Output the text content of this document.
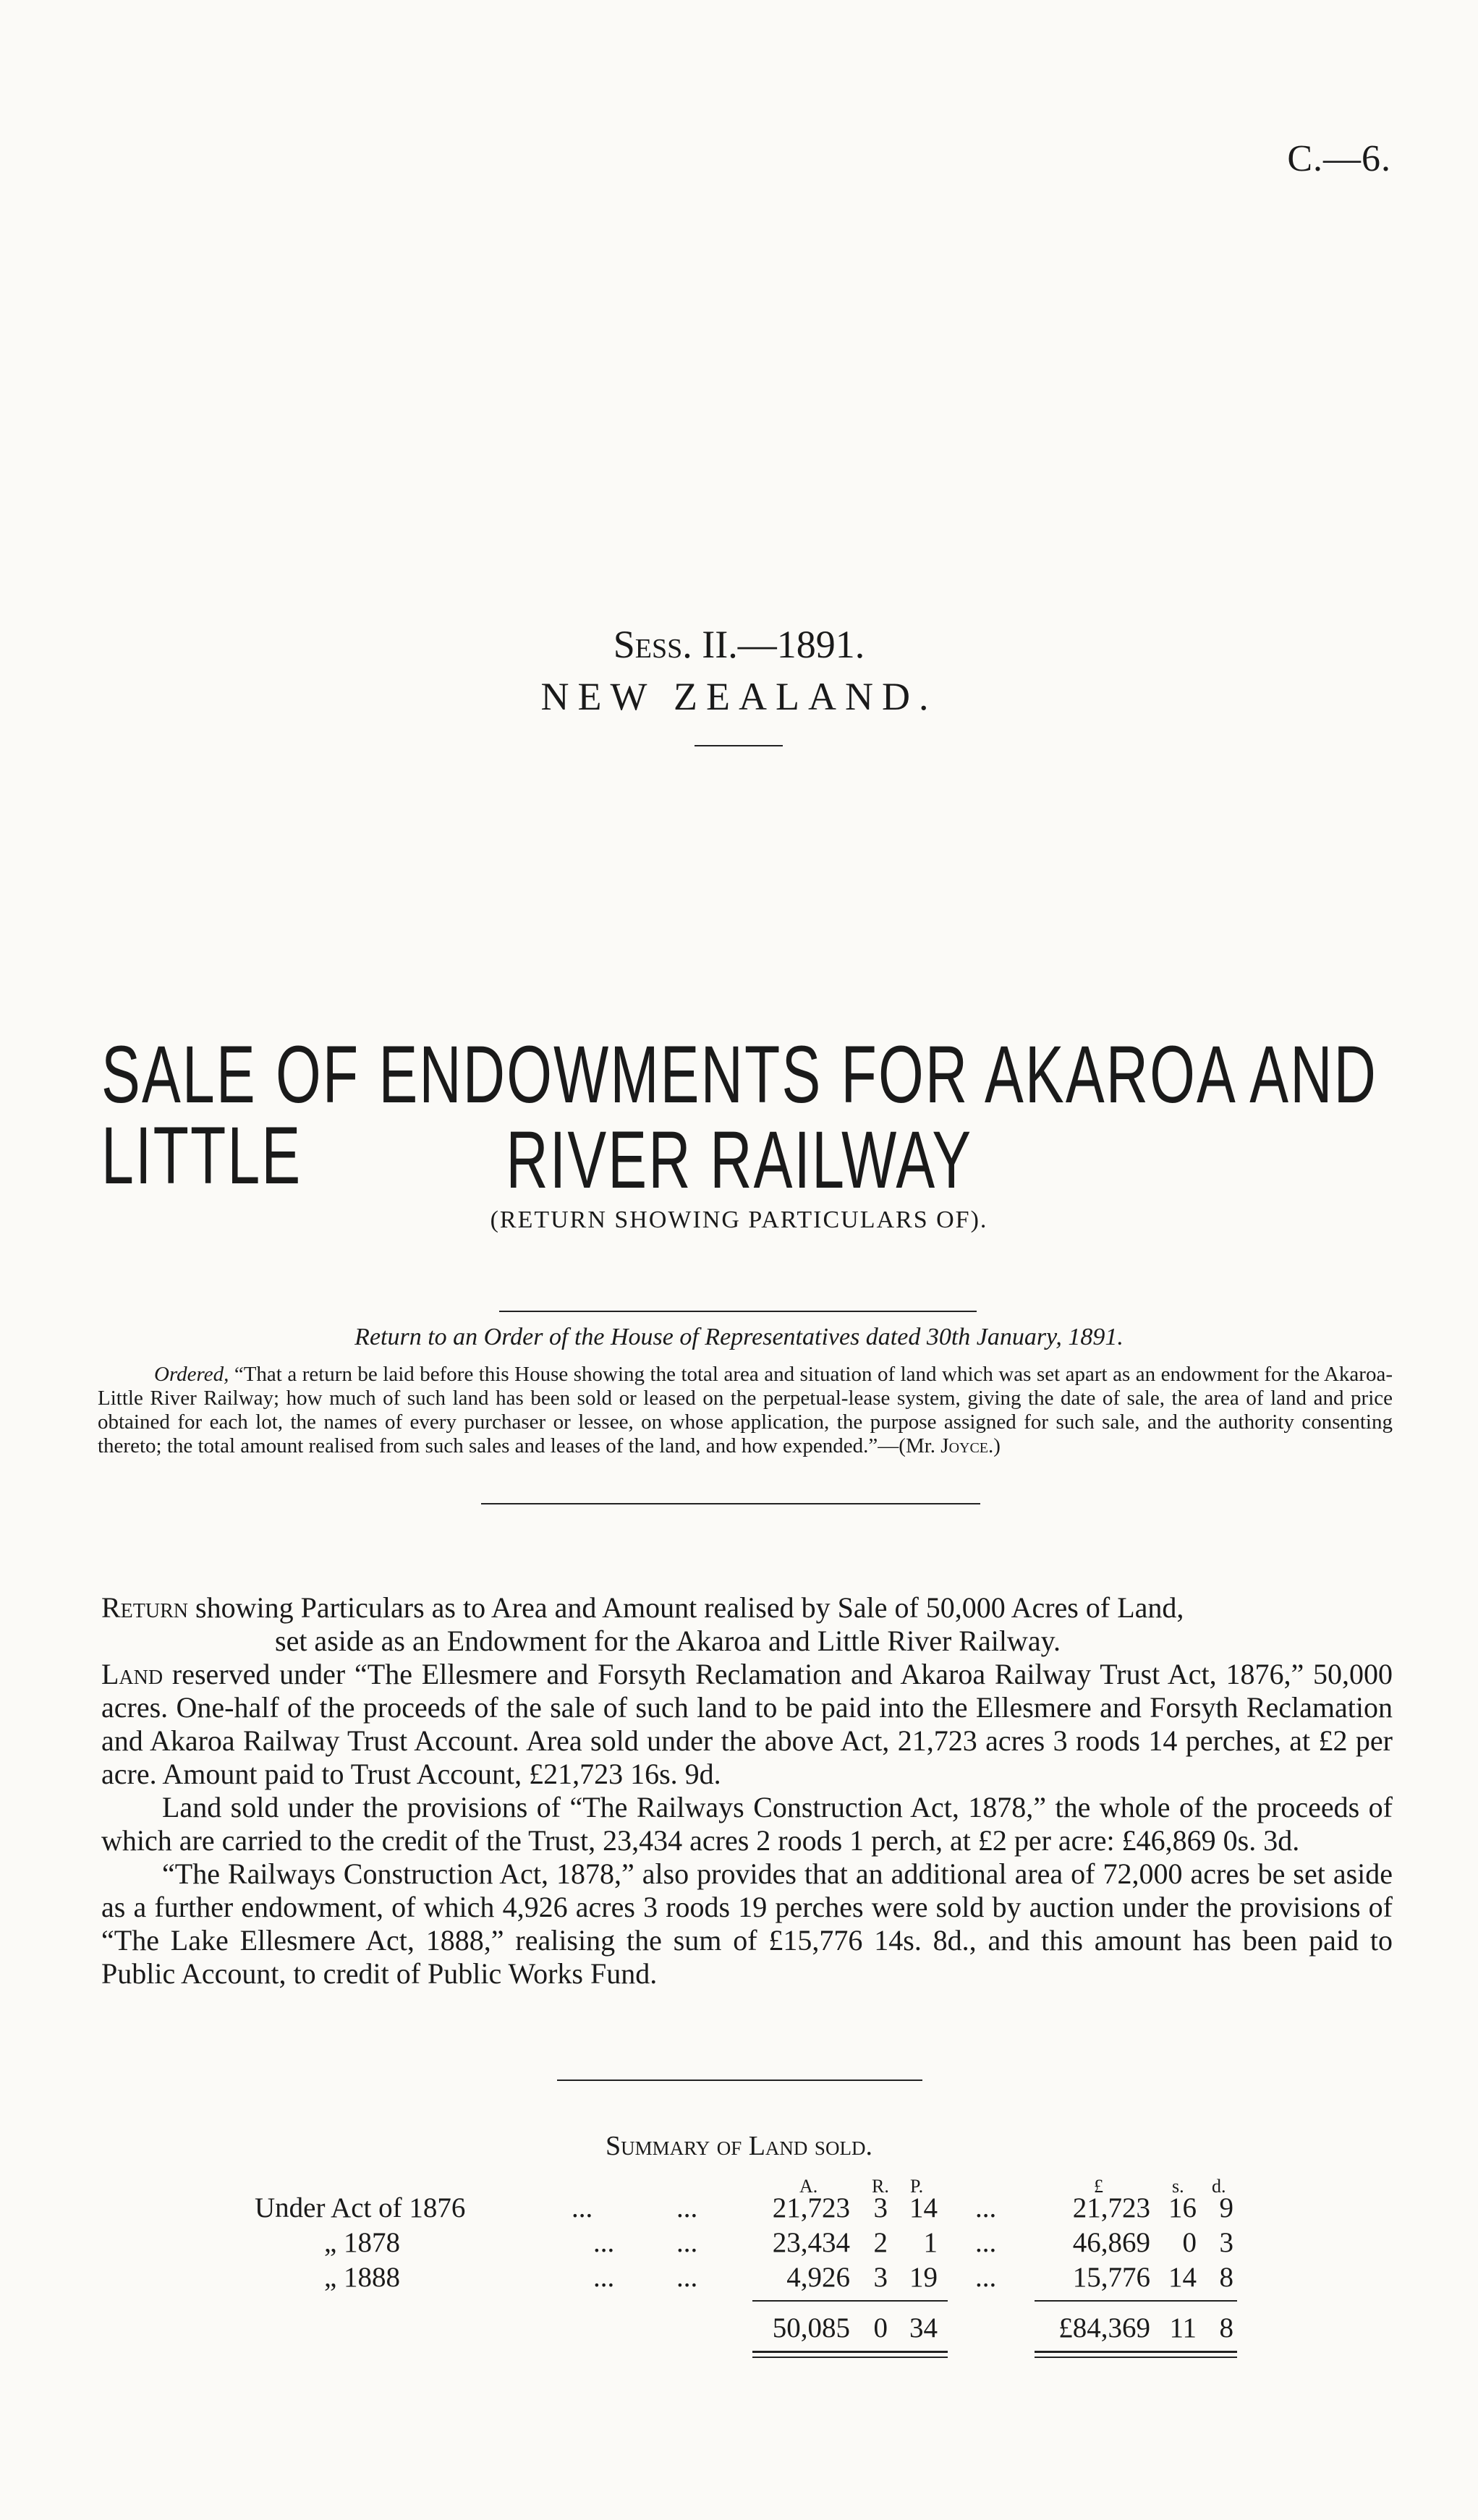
C.—6.
Sess. II.—1891.
NEW ZEALAND.
SALE OF ENDOWMENTS FOR AKAROA AND LITTLE	RIVER RAILWAY
(RETURN SHOWING PARTICULARS OF).
Return to an Order of the House of Representatives dated 30th January, 1891.
Ordered, “That a return be laid before this House showing the total area and situation of land which was set apart as an endowment for the Akaroa-Little River Railway; how much of such land has been sold or leased on the perpetual-lease system, giving the date of sale, the area of land and price obtained for each lot, the names of every purchaser or lessee, on whose application, the purpose assigned for such sale, and the authority consenting thereto; the total amount realised from such sales and leases of the land, and how expended.”—(Mr. Joyce.)
Return showing Particulars as to Area and Amount realised by Sale of 50,000 Acres of Land,
set aside as an Endowment for the Akaroa and Little River Railway.

Land reserved under “The Ellesmere and Forsyth Reclamation and Akaroa Railway Trust Act, 1876,” 50,000 acres. One-half of the proceeds of the sale of such land to be paid into the Ellesmere and Forsyth Reclamation and Akaroa Railway Trust Account. Area sold under the above Act, 21,723 acres 3 roods 14 perches, at £2 per acre. Amount paid to Trust Account, £21,723 16s. 9d.

Land sold under the provisions of “The Railways Construction Act, 1878,” the whole of the proceeds of which are carried to the credit of the Trust, 23,434 acres 2 roods 1 perch, at £2 per acre: £46,869 0s. 3d.

“The Railways Construction Act, 1878,” also provides that an additional area of 72,000 acres be set aside as a further endowment, of which 4,926 acres 3 roods 19 perches were sold by auction under the provisions of “The Lake Ellesmere Act, 1888,” realising the sum of £15,776 14s. 8d., and this amount has been paid to Public Account, to credit of Public Works Fund.

Summary of Land sold.
A.	R. P.	£	s. d.
Under Act of 1876	...	...	21,723 3 14 ...	21,723 16 9
„ 1878	... ...	23,434 2	1 ...	46,869	0 3
„ 1888	... ...	4,926 3 19 ...	15,776 14 8
50,085 0 34	£84,369 11 8
